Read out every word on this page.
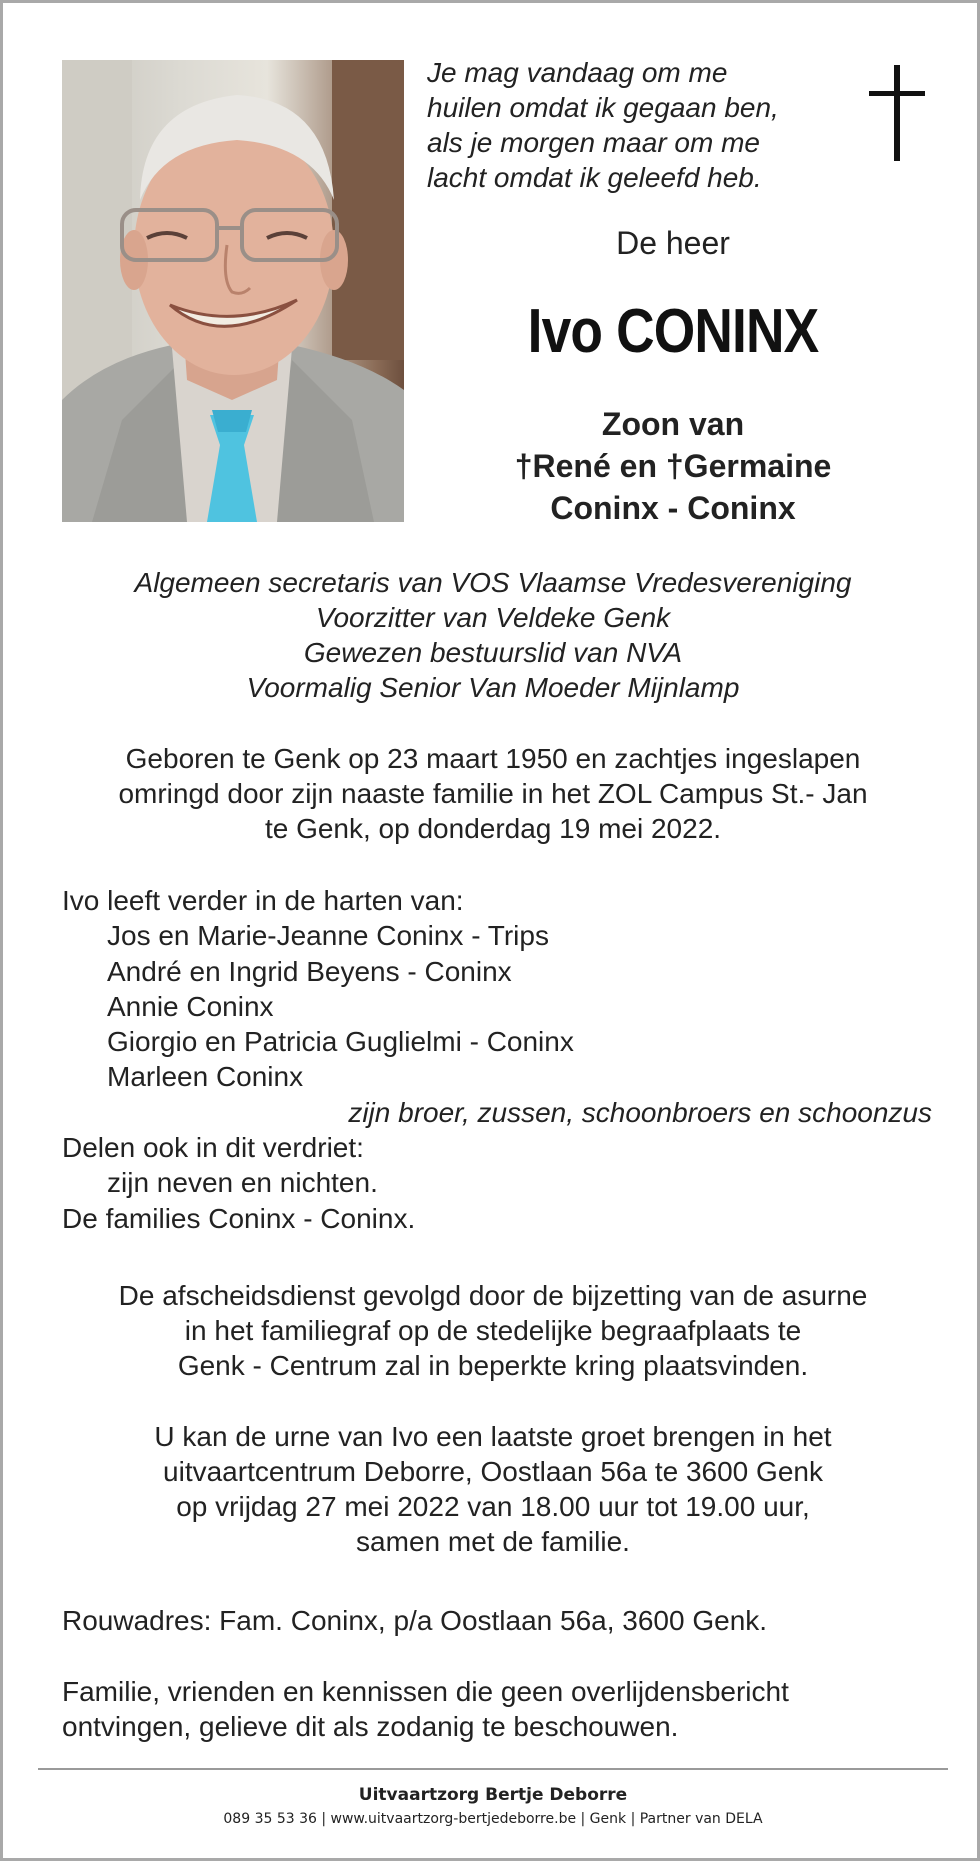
Je mag vandaag om me
huilen omdat ik gegaan ben,
als je morgen maar om me
lacht omdat ik geleefd heb.
De heer
Ivo CONINX
Zoon van
†René en †Germaine
Coninx - Coninx
Algemeen secretaris van VOS Vlaamse Vredesvereniging
Voorzitter van Veldeke Genk
Gewezen bestuurslid van NVA
Voormalig Senior Van Moeder Mijnlamp
Geboren te Genk op 23 maart 1950 en zachtjes ingeslapen
omringd door zijn naaste familie in het ZOL Campus St.- Jan
te Genk, op donderdag 19 mei 2022.
Ivo leeft verder in de harten van:
Jos en Marie-Jeanne Coninx - Trips
André en Ingrid Beyens - Coninx
Annie Coninx
Giorgio en Patricia Guglielmi - Coninx
Marleen Coninx
zijn broer, zussen, schoonbroers en schoonzus
Delen ook in dit verdriet:
zijn neven en nichten.
De families Coninx - Coninx.
De afscheidsdienst gevolgd door de bijzetting van de asurne
in het familiegraf op de stedelijke begraafplaats te
Genk - Centrum zal in beperkte kring plaatsvinden.
U kan de urne van Ivo een laatste groet brengen in het
uitvaartcentrum Deborre, Oostlaan 56a te 3600 Genk
op vrijdag 27 mei 2022 van 18.00 uur tot 19.00 uur,
samen met de familie.
Rouwadres: Fam. Coninx, p/a Oostlaan 56a, 3600 Genk.
Familie, vrienden en kennissen die geen overlijdensbericht
ontvingen, gelieve dit als zodanig te beschouwen.
Uitvaartzorg Bertje Deborre
089 35 53 36 | www.uitvaartzorg-bertjedeborre.be | Genk | Partner van DELA
